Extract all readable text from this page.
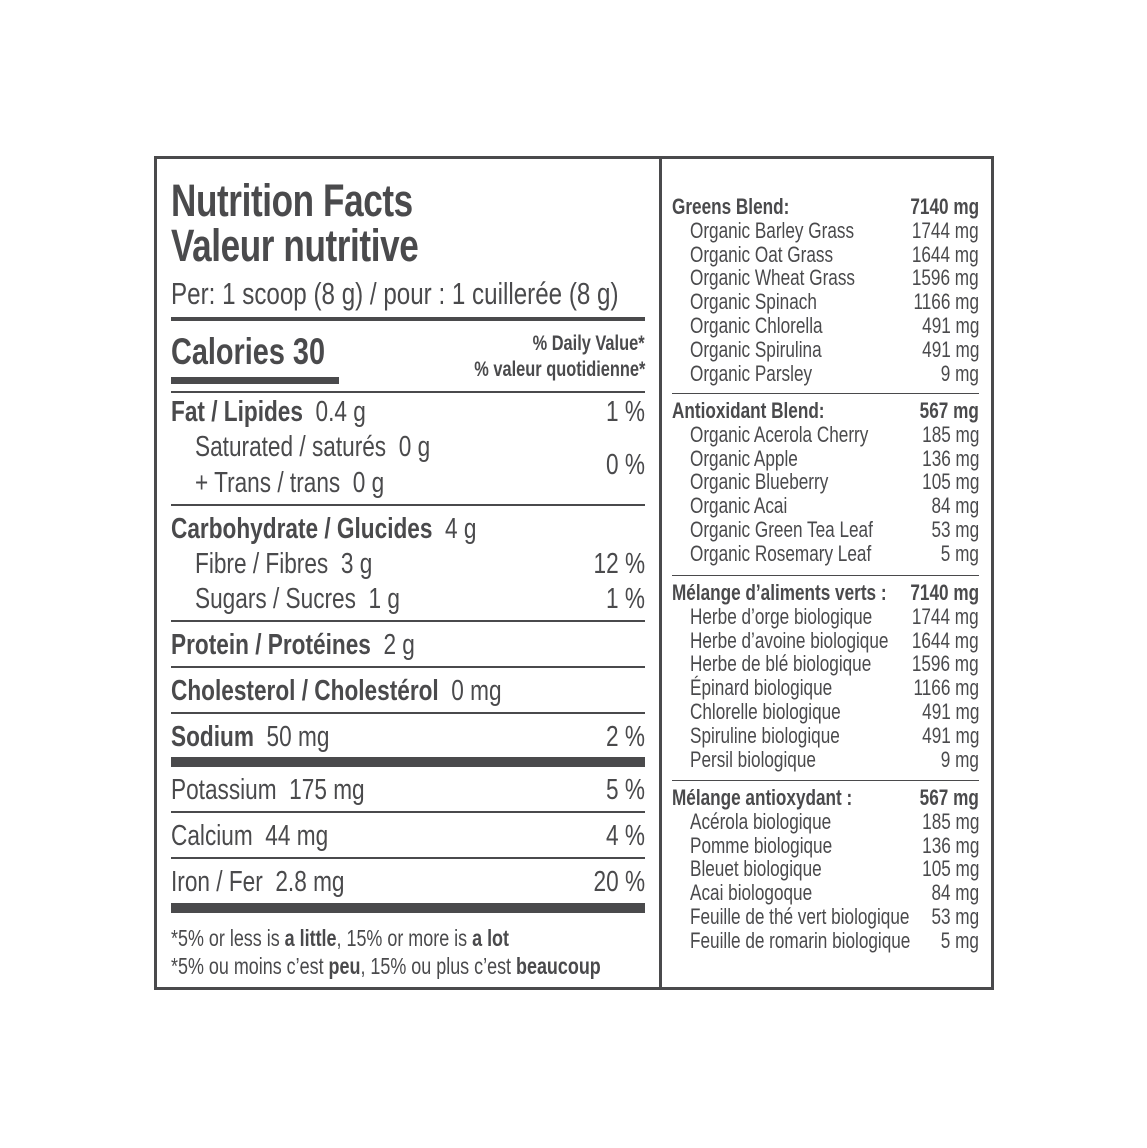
Nutrition Facts
Valeur nutritive
Per: 1 scoop (8 g) / pour : 1 cuillerée (8 g)
Calories 30	% Daily Value*
% valeur quotidienne*
Fat / Lipides 0.4 g	1 %
Saturated / saturés 0 g
+ Trans / trans 0 g
0 %
Carbohydrate / Glucides 4 g
Fibre / Fibres 3 g	12 %
Sugars / Sucres 1 g	1 %
Protein / Protéines 2 g
Cholesterol / Cholestérol 0 mg
Sodium 50 mg	2 %
Potassium 175 mg	5 %
Calcium 44 mg	4 %
Iron / Fer 2.8 mg	20 %
*5% or less is a little, 15% or more is a lot
*5% ou moins c’est peu, 15% ou plus c’est beaucoup
Greens Blend:	7140 mg
Organic Barley Grass	1744 mg
Organic Oat Grass	1644 mg
Organic Wheat Grass	1596 mg
Organic Spinach	1166 mg
Organic Chlorella	491 mg
Organic Spirulina	491 mg
Organic Parsley	9 mg
Antioxidant Blend:	567 mg
Organic Acerola Cherry	185 mg
Organic Apple	136 mg
Organic Blueberry	105 mg
Organic Acai	84 mg
Organic Green Tea Leaf	53 mg
Organic Rosemary Leaf	5 mg
Mélange d’aliments verts :	7140 mg
Herbe d’orge biologique	1744 mg
Herbe d’avoine biologique	1644 mg
Herbe de blé biologique	1596 mg
Épinard biologique	1166 mg
Chlorelle biologique	491 mg
Spiruline biologique	491 mg
Persil biologique	9 mg
Mélange antioxydant :	567 mg
Acérola biologique	185 mg
Pomme biologique	136 mg
Bleuet biologique	105 mg
Acai biologoque	84 mg
Feuille de thé vert biologique 53 mg
Feuille de romarin biologique	5 mg
